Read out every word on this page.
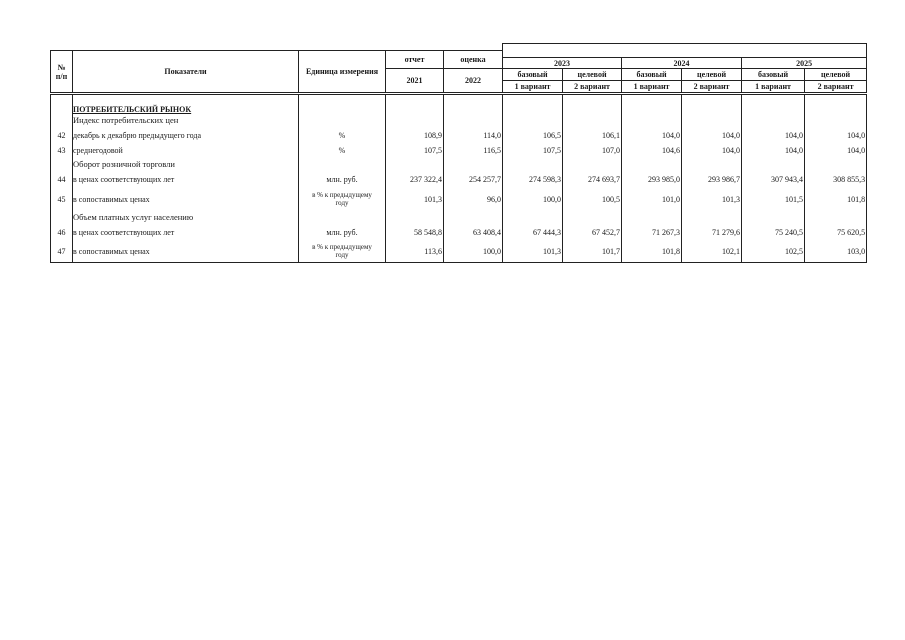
№
п/п	Показатели	Единица измерения	отчет	оценка						
					2023		2024		2025	
			2021	2022	базовый	целевой	базовый	целевой	базовый	целевой
					1 вариант	2 вариант	1 вариант	2 вариант	1 вариант	2 вариант
	ПОТРЕБИТЕЛЬСКИЙ РЫНОК									
	Индекс потребительских цен									
42	декабрь к декабрю предыдущего года	%	108,9	114,0	106,5	106,1	104,0	104,0	104,0	104,0
43	среднегодовой	%	107,5	116,5	107,5	107,0	104,6	104,0	104,0	104,0
	Оборот розничной торговли									
44	в ценах соответствующих лет	млн. руб.	237 322,4	254 257,7	274 598,3	274 693,7	293 985,0	293 986,7	307 943,4	308 855,3
45	в сопоставимых ценах	в % к предыдущему году	101,3	96,0	100,0	100,5	101,0	101,3	101,5	101,8
	Объем платных услуг населению									
46	в ценах соответствующих лет	млн. руб.	58 548,8	63 408,4	67 444,3	67 452,7	71 267,3	71 279,6	75 240,5	75 620,5
47	в сопоставимых ценах	в % к предыдущему году	113,6	100,0	101,3	101,7	101,8	102,1	102,5	103,0
